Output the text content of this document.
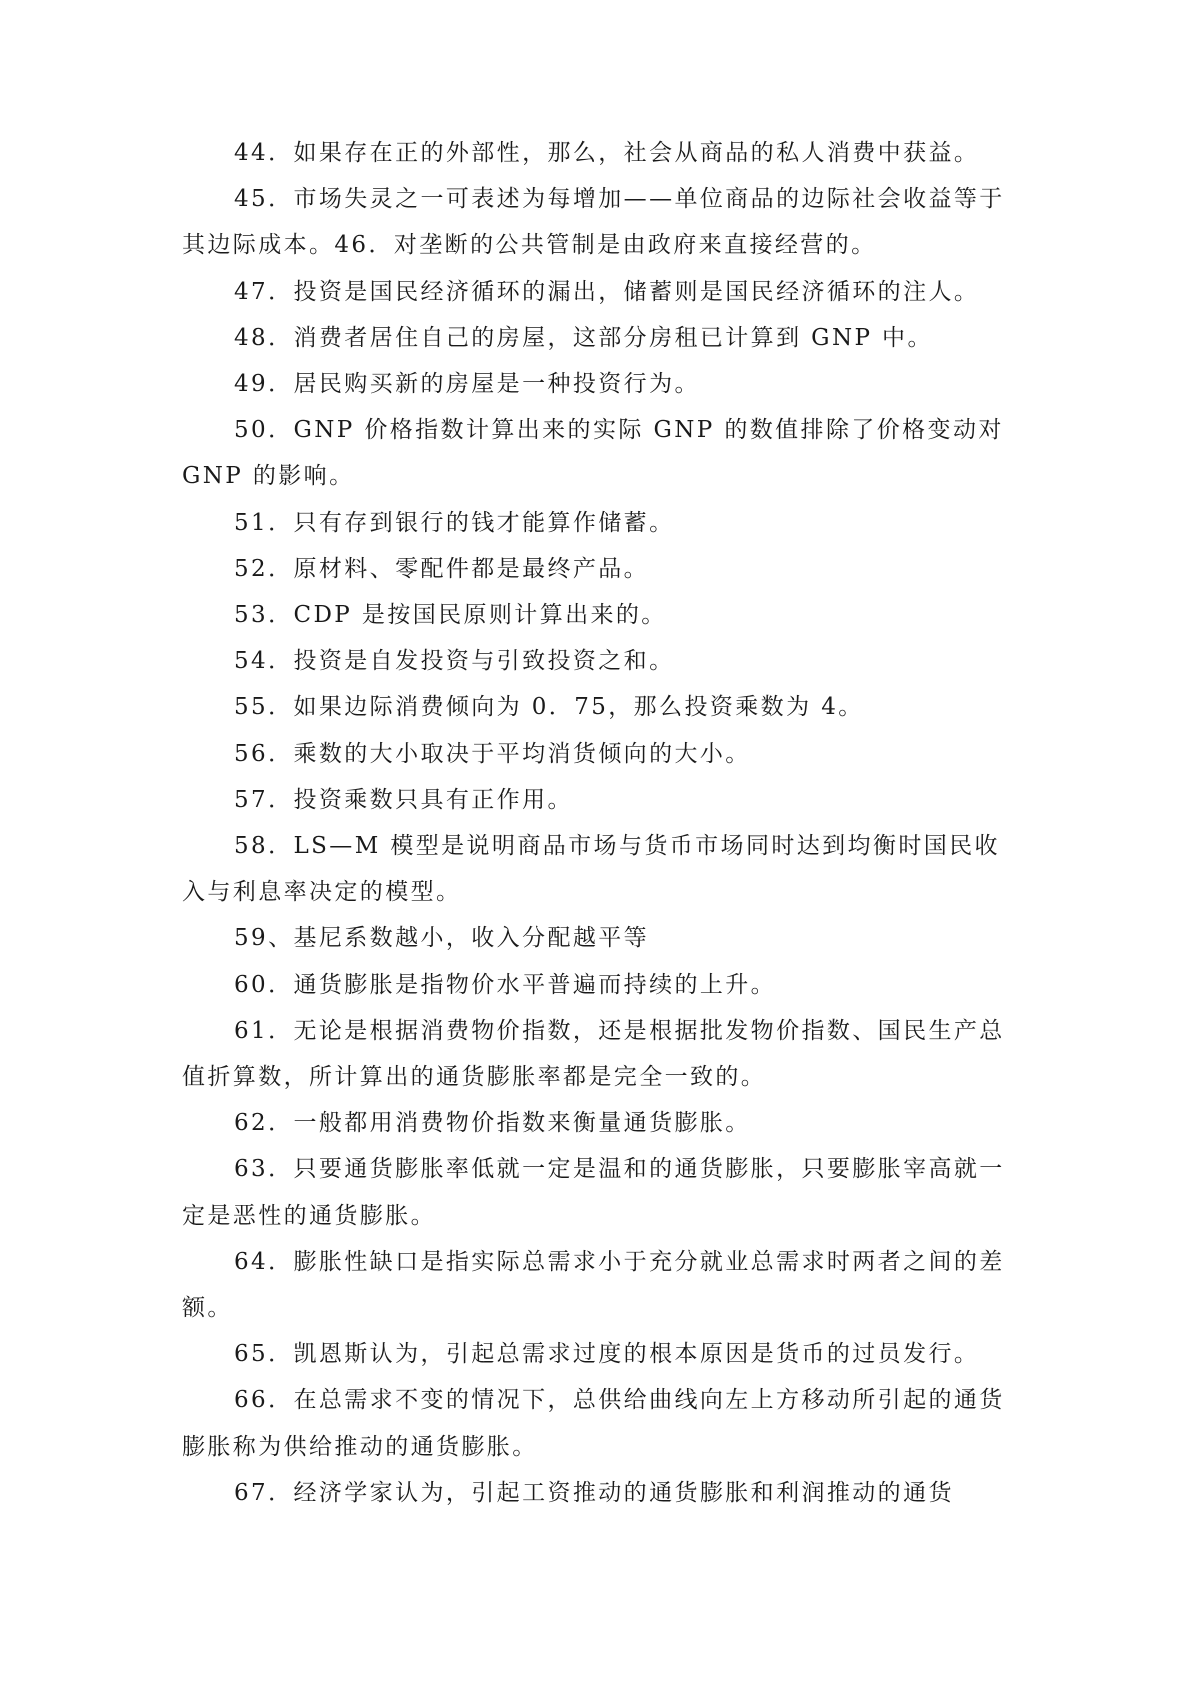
44．如果存在正的外部性，那么，社会从商品的私人消费中获益。

45．市场失灵之一可表述为每增加——单位商品的边际社会收益等于其边际成本。46．对垄断的公共管制是由政府来直接经营的。

47．投资是国民经济循环的漏出，储蓄则是国民经济循环的注人。

48．消费者居住自己的房屋，这部分房租已计算到 GNP 中。

49．居民购买新的房屋是一种投资行为。

50．GNP 价格指数计算出来的实际 GNP 的数值排除了价格变动对 GNP 的影响。

51．只有存到银行的钱才能算作储蓄。

52．原材料、零配件都是最终产品。

53．CDP 是按国民原则计算出来的。

54．投资是自发投资与引致投资之和。

55．如果边际消费倾向为 0．75，那么投资乘数为 4。

56．乘数的大小取决于平均消货倾向的大小。

57．投资乘数只具有正作用。

58．LS—M 模型是说明商品市场与货币市场同时达到均衡时国民收入与利息率决定的模型。

59、基尼系数越小，收入分配越平等

60．通货膨胀是指物价水平普遍而持续的上升。

61．无论是根据消费物价指数，还是根据批发物价指数、国民生产总值折算数，所计算出的通货膨胀率都是完全一致的。

62．一般都用消费物价指数来衡量通货膨胀。

63．只要通货膨胀率低就一定是温和的通货膨胀，只要膨胀宰高就一定是恶性的通货膨胀。

64．膨胀性缺口是指实际总需求小于充分就业总需求时两者之间的差额。

65．凯恩斯认为，引起总需求过度的根本原因是货币的过员发行。

66．在总需求不变的情况下，总供给曲线向左上方移动所引起的通货膨胀称为供给推动的通货膨胀。

67．经济学家认为，引起工资推动的通货膨胀和利润推动的通货
